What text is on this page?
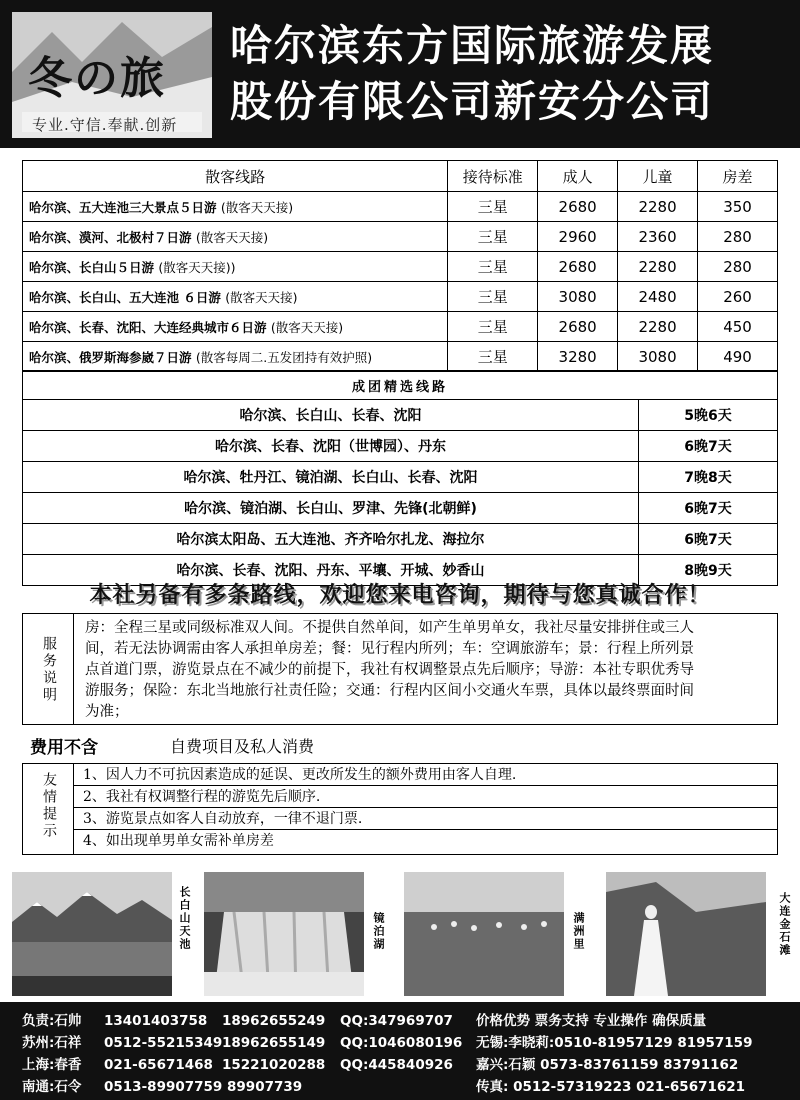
冬の旅
专业.守信.奉献.创新
哈尔滨东方国际旅游发展
股份有限公司新安分公司
散客线路	接待标准	成人	儿童	房差
哈尔滨、五大连池三大景点５日游 (散客天天接)	三星	2680	2280	350
哈尔滨、漠河、北极村７日游 (散客天天接)	三星	2960	2360	280
哈尔滨、长白山５日游 (散客天天接))	三星	2680	2280	280
哈尔滨、长白山、五大连池 ６日游 (散客天天接)	三星	3080	2480	260
哈尔滨、长春、沈阳、大连经典城市６日游 (散客天天接)	三星	2680	2280	450
哈尔滨、俄罗斯海参崴７日游 (散客每周二.五发团持有效护照)	三星	3280	3080	490
成团精选线路	
哈尔滨、长白山、长春、沈阳	5晚6天
哈尔滨、长春、沈阳（世博园）、丹东	6晚7天
哈尔滨、牡丹江、镜泊湖、长白山、长春、沈阳	7晚8天
哈尔滨、镜泊湖、长白山、罗津、先锋(北朝鲜)	6晚7天
哈尔滨太阳岛、五大连池、齐齐哈尔扎龙、海拉尔	6晚7天
哈尔滨、长春、沈阳、丹东、平壤、开城、妙香山	8晚9天
本社另备有多条路线，欢迎您来电咨询，期待与您真诚合作！
服务说明
房：全程三星或同级标准双人间。不提供自然单间，如产生单男单女，我社尽量安排拼住或三人
间，若无法协调需由客人承担单房差；餐：见行程内所列；车：空调旅游车；景：行程上所列景
点首道门票，游览景点在不减少的前提下，我社有权调整景点先后顺序；导游：本社专职优秀导
游服务；保险：东北当地旅行社责任险；交通：行程内区间小交通火车票，具体以最终票面时间
为准；
费用不含	自费项目及私人消费
友情提示	1、因人力不可抗因素造成的延误、更改所发生的额外费用由客人自理.
2、我社有权调整行程的游览先后顺序.
3、游览景点如客人自动放弃，一律不退门票.
4、如出现单男单女需补单房差
长白山天池	镜泊湖	满洲里	大连金石滩
负责:石帅 13401403758 18962655249 QQ:347969707 价格优势 票务支持 专业操作 确保质量
苏州:石祥 0512-55215349 18962655149 QQ:1046080196 无锡:李晓莉:0510-81957129 81957159
上海:春香 021-65671468 15221020288 QQ:445840926 嘉兴:石颖 0573-83761159 83791162
南通:石令 0513-89907759 89907739	传真: 0512-57319223 021-65671621
